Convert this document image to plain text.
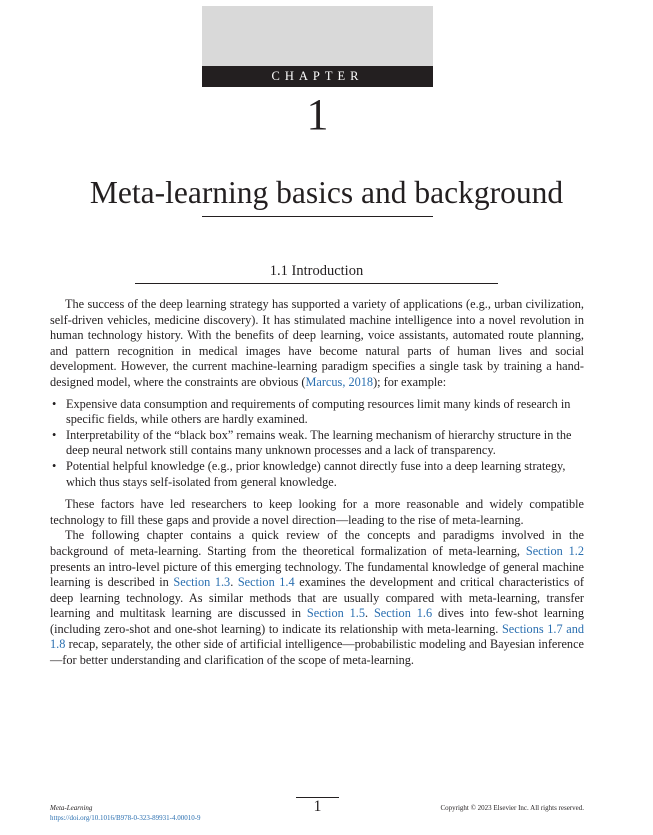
CHAPTER
1
Meta-learning basics and background
1.1 Introduction

The success of the deep learning strategy has supported a variety of applications (e.g., urban civilization, self-driven vehicles, medicine discovery). It has stimulated machine intelligence into a novel revolution in human technology history. With the benefits of deep learning, voice assistants, automated route planning, and pattern recognition in medical images have become natural parts of human lives and social development. However, the current machine-learning paradigm specifies a single task by training a hand-designed model, where the constraints are obvious (Marcus, 2018); for example:

• Expensive data consumption and requirements of computing resources limit many kinds of research in specific fields, while others are hardly examined.
• Interpretability of the “black box” remains weak. The learning mechanism of hierarchy structure in the deep neural network still contains many unknown processes and a lack of transparency.
• Potential helpful knowledge (e.g., prior knowledge) cannot directly fuse into a deep learning strategy, which thus stays self-isolated from general knowledge.

These factors have led researchers to keep looking for a more reasonable and widely compatible technology to fill these gaps and provide a novel direction—leading to the rise of meta-learning.

The following chapter contains a quick review of the concepts and paradigms involved in the background of meta-learning. Starting from the theoretical formalization of meta-learning, Section 1.2 presents an intro-level picture of this emerging technology. The fundamental knowledge of general machine learning is described in Section 1.3. Section 1.4 examines the development and critical characteristics of deep learning technology. As similar methods that are usually compared with meta-learning, transfer learning and multitask learning are discussed in Section 1.5. Section 1.6 dives into few-shot learning (including zero-shot and one-shot learning) to indicate its relationship with meta-learning. Sections 1.7 and 1.8 recap, separately, the other side of artificial intelligence—probabilistic modeling and Bayesian inference—for better understanding and clarification of the scope of meta-learning.

1
Meta-Learning
https://doi.org/10.1016/B978-0-323-89931-4.00010-9
Copyright © 2023 Elsevier Inc. All rights reserved.
